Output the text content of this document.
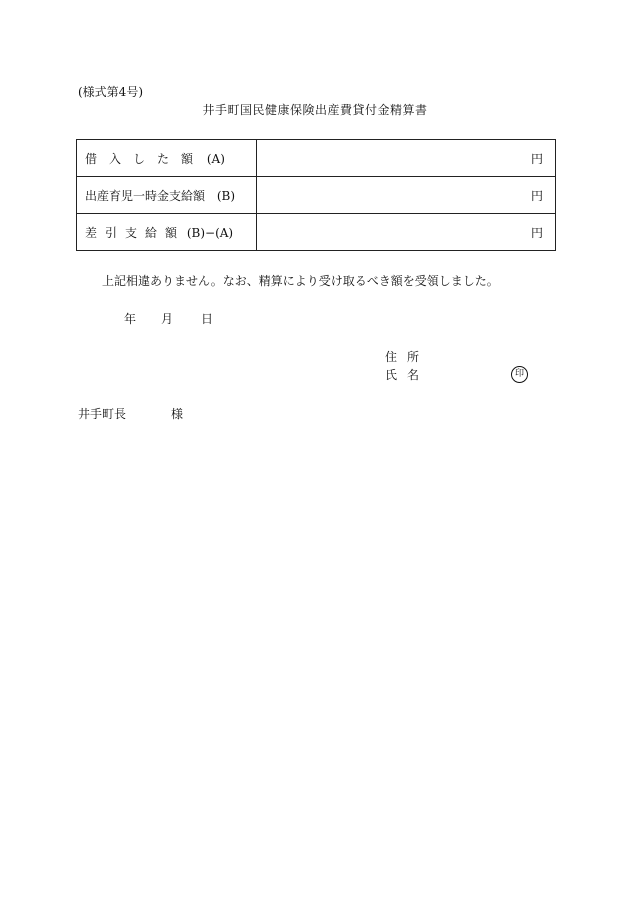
(様式第4号)
井手町国民健康保険出産費貸付金精算書
借入した額 (A)	円
出産育児一時金支給額 (B)	円
差引支給額 (B)−(A)	円
上記相違ありません。なお、精算により受け取るべき額を受領しました。
年 月 日
住所
氏名	印
井手町長	様
